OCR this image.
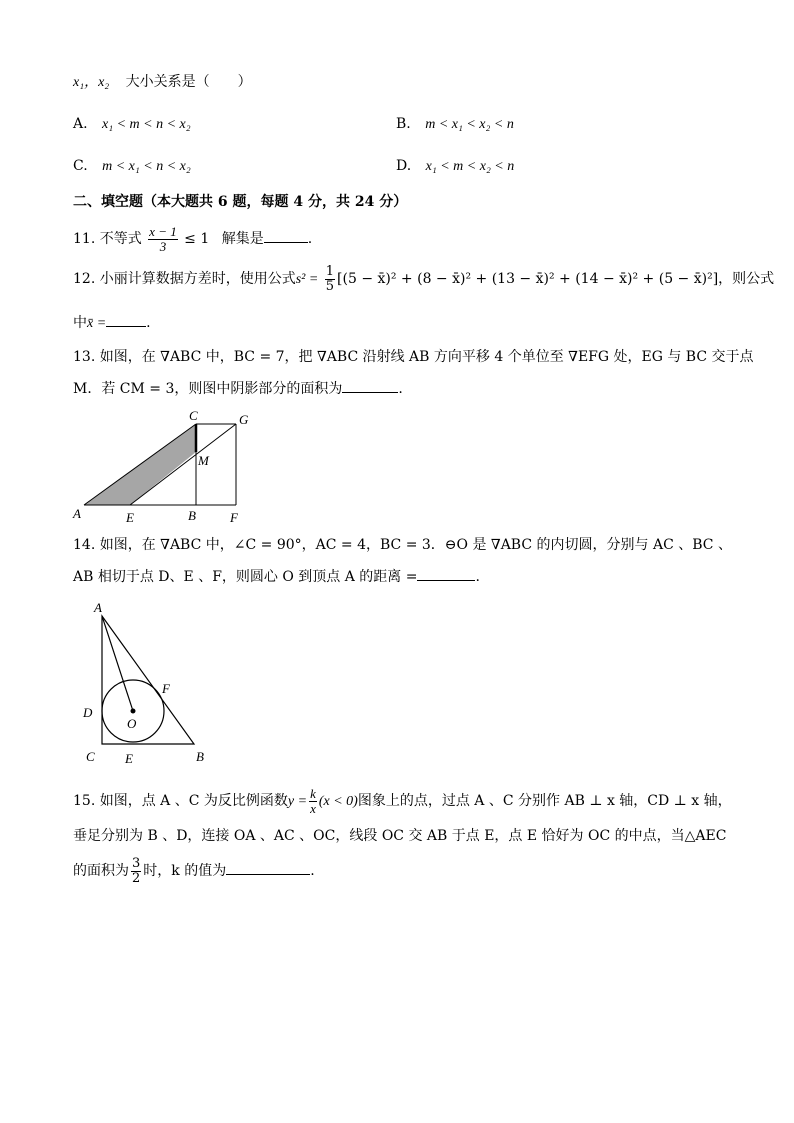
x₁，x₂ 大小关系是（　　）
A. x₁ < m < n < x₂	B. m < x₁ < x₂ < n
C. m < x₁ < n < x₂	D. x₁ < m < x₂ < n
二、填空题（本大题共 6 题，每题 4 分，共 24 分）
11. 不等式 $\frac{x - 1}{3} \le 1$ 解集是	.
12. 小丽计算数据方差时，使用公式$s^2 = \frac{1}{5} [(5$ − x̄)² + (8 − x̄)² + (13 − x̄)² + (14 − x̄)² + (5 − x̄)²]，则公式
中x̄ =	.
13. 如图，在 ∇ABC 中，BC = 7，把 ∇ABC 沿射线 AB 方向平移 4 个单位至 ∇EFG 处，EG 与 BC 交于点
M．若 CM = 3，则图中阴影部分的面积为	.
A	E	B	F
C	G
M
14. 如图，在 ∇ABC 中，∠C = 90°，AC = 4，BC = 3．⊖O 是 ∇ABC 的内切圆，分别与 AC 、BC 、
AB 相切于点 D、E 、F，则圆心 O 到顶点 A 的距离 =	.
A
B
C
D
E
F
O
15. 如图，点 A 、C 为反比例函数$y = \frac{k}{x} (x < 0)$图象上的点，过点 A 、C 分别作 AB ⊥ x 轴，CD ⊥ x 轴，
垂足分别为 B 、D，连接 OA 、AC 、OC，线段 OC 交 AB 于点 E，点 E 恰好为 OC 的中点，当△AEC
的面积为 $\frac{3}{2}$ 时，k 的值为	.
